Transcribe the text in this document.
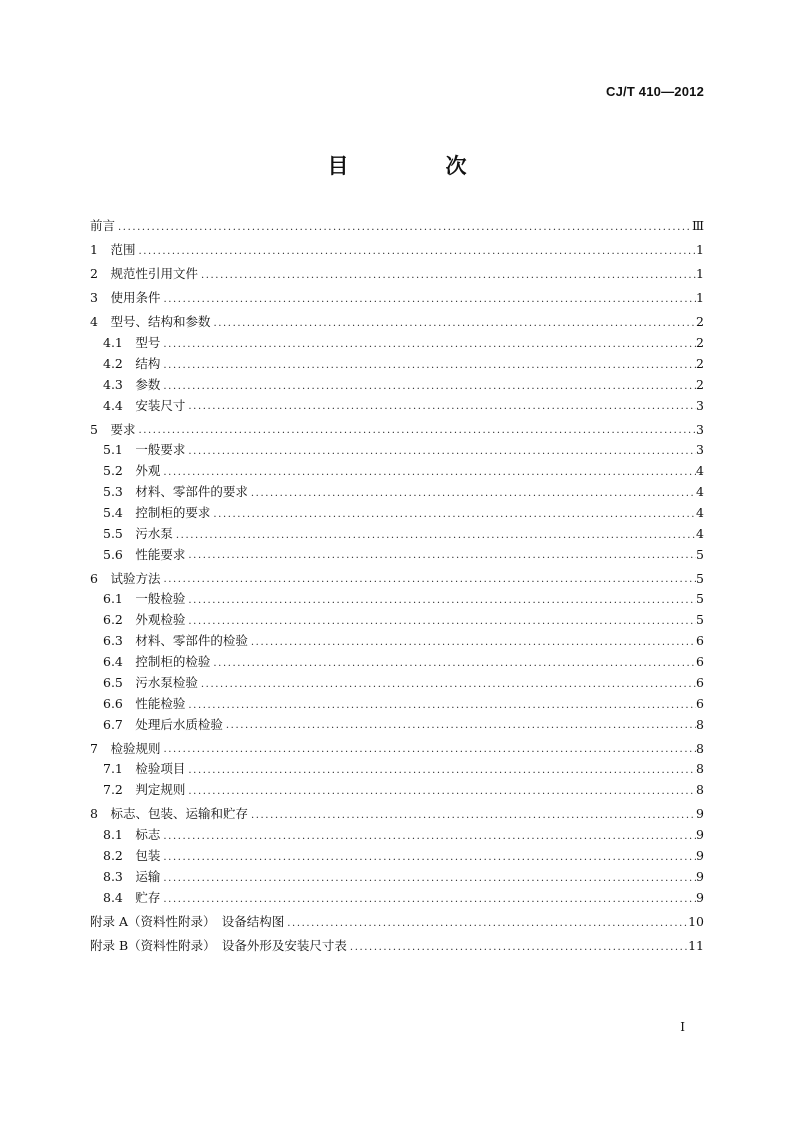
CJ/T 410—2012
目　次
前言 .....	Ⅲ
1　范围 .....	1
2　规范性引用文件 .....	1
3　使用条件 .....	1
4　型号、结构和参数 .....	2
4.1　型号 .....	2
4.2　结构 .....	2
4.3　参数 .....	2
4.4　安装尺寸 .....	3
5　要求 .....	3
5.1　一般要求 .....	3
5.2　外观 .....	4
5.3　材料、零部件的要求 .....	4
5.4　控制柜的要求 .....	4
5.5　污水泵 .....	4
5.6　性能要求 .....	5
6　试验方法 .....	5
6.1　一般检验 .....	5
6.2　外观检验 .....	5
6.3　材料、零部件的检验 .....	6
6.4　控制柜的检验 .....	6
6.5　污水泵检验 .....	6
6.6　性能检验 .....	6
6.7　处理后水质检验 .....	8
7　检验规则 .....	8
7.1　检验项目 .....	8
7.2　判定规则 .....	8
8　标志、包装、运输和贮存 .....	9
8.1　标志 .....	9
8.2　包装 .....	9
8.3　运输 .....	9
8.4　贮存 .....	9
附录 A（资料性附录）　设备结构图 .....	10
附录 B（资料性附录）　设备外形及安装尺寸表 .....	11
Ⅰ
